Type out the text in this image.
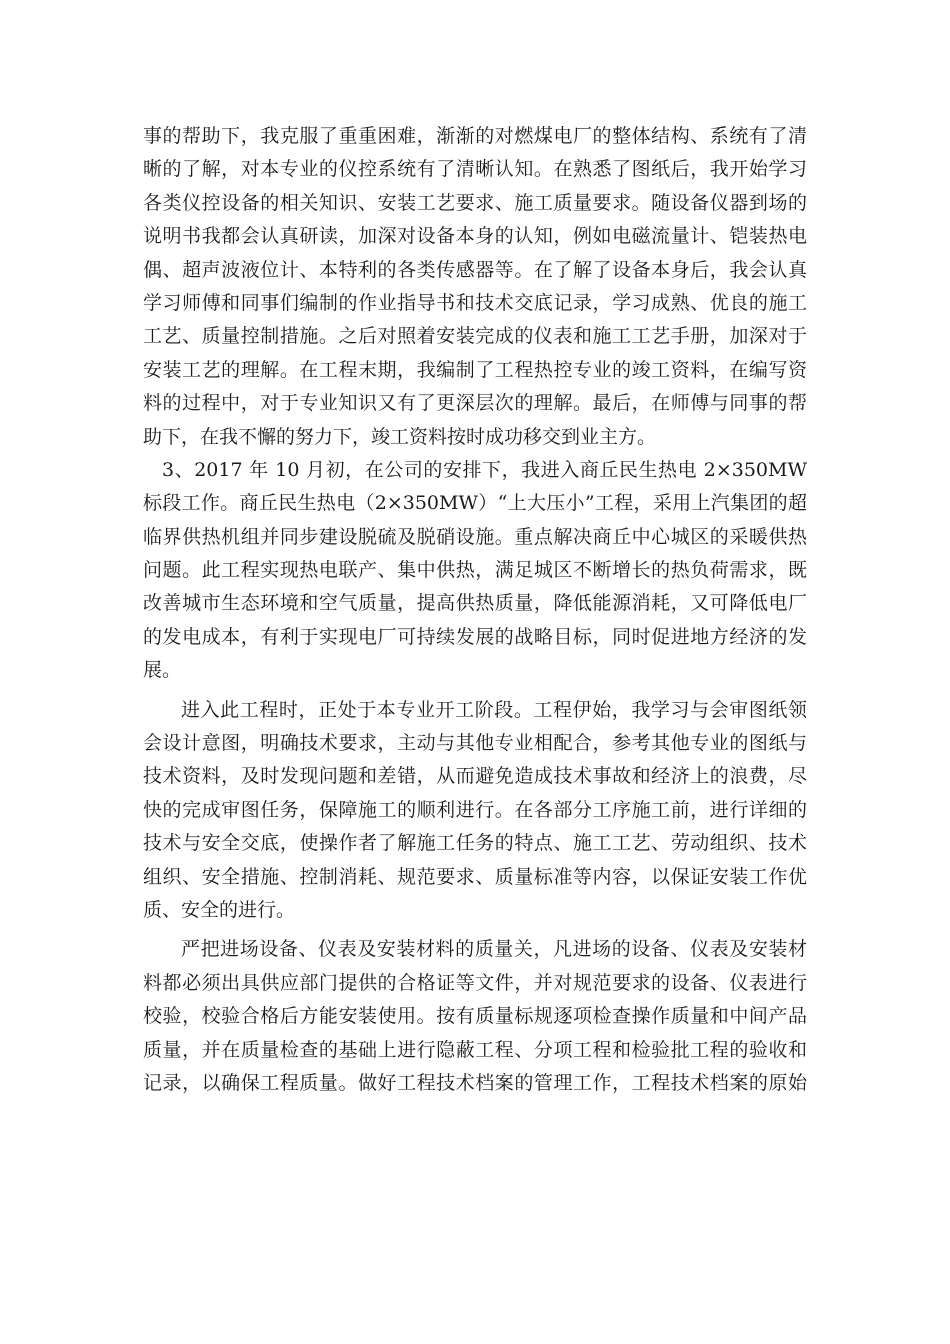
事的帮助下，我克服了重重困难，渐渐的对燃煤电厂的整体结构、系统有了清
晰的了解，对本专业的仪控系统有了清晰认知。在熟悉了图纸后，我开始学习
各类仪控设备的相关知识、安装工艺要求、施工质量要求。随设备仪器到场的
说明书我都会认真研读，加深对设备本身的认知，例如电磁流量计、铠装热电
偶、超声波液位计、本特利的各类传感器等。在了解了设备本身后，我会认真
学习师傅和同事们编制的作业指导书和技术交底记录，学习成熟、优良的施工
工艺、质量控制措施。之后对照着安装完成的仪表和施工工艺手册，加深对于
安装工艺的理解。在工程末期，我编制了工程热控专业的竣工资料，在编写资
料的过程中，对于专业知识又有了更深层次的理解。最后，在师傅与同事的帮
助下，在我不懈的努力下，竣工资料按时成功移交到业主方。
3、2017 年 10 月初，在公司的安排下，我进入商丘民生热电 2×350MW
标段工作。商丘民生热电（2×350MW）“上大压小”工程，采用上汽集团的超
临界供热机组并同步建设脱硫及脱硝设施。重点解决商丘中心城区的采暖供热
问题。此工程实现热电联产、集中供热，满足城区不断增长的热负荷需求，既
改善城市生态环境和空气质量，提高供热质量，降低能源消耗，又可降低电厂
的发电成本，有利于实现电厂可持续发展的战略目标，同时促进地方经济的发
展。
进入此工程时，正处于本专业开工阶段。工程伊始，我学习与会审图纸领
会设计意图，明确技术要求，主动与其他专业相配合，参考其他专业的图纸与
技术资料，及时发现问题和差错，从而避免造成技术事故和经济上的浪费，尽
快的完成审图任务，保障施工的顺利进行。在各部分工序施工前，进行详细的
技术与安全交底，使操作者了解施工任务的特点、施工工艺、劳动组织、技术
组织、安全措施、控制消耗、规范要求、质量标准等内容，以保证安装工作优
质、安全的进行。
严把进场设备、仪表及安装材料的质量关，凡进场的设备、仪表及安装材
料都必须出具供应部门提供的合格证等文件，并对规范要求的设备、仪表进行
校验，校验合格后方能安装使用。按有质量标规逐项检查操作质量和中间产品
质量，并在质量检查的基础上进行隐蔽工程、分项工程和检验批工程的验收和
记录，以确保工程质量。做好工程技术档案的管理工作，工程技术档案的原始
